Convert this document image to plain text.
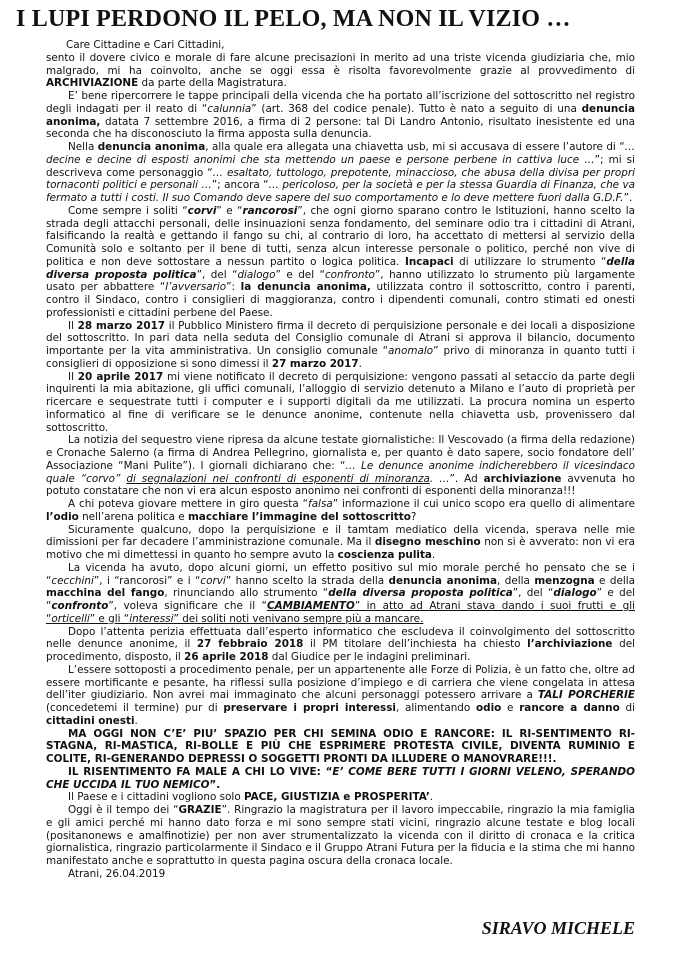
I LUPI PERDONO IL PELO, MA NON IL VIZIO …

Care Cittadine e Cari Cittadini,

sento il dovere civico e morale di fare alcune precisazioni in merito ad una triste vicenda giudiziaria che, mio malgrado, mi ha coinvolto, anche se oggi essa è risolta favorevolmente grazie al provvedimento di ARCHIVIAZIONE da parte della Magistratura.

E’ bene ripercorrere le tappe principali della vicenda che ha portato all’iscrizione del sottoscritto nel registro degli indagati per il reato di “calunnia” (art. 368 del codice penale). Tutto è nato a seguito di una denuncia anonima, datata 7 settembre 2016, a firma di 2 persone: tal Di Landro Antonio, risultato inesistente ed una seconda che ha disconosciuto la firma apposta sulla denuncia.

Nella denuncia anonima, alla quale era allegata una chiavetta usb, mi si accusava di essere l’autore di “… decine e decine di esposti anonimi che sta mettendo un paese e persone perbene in cattiva luce …”; mi si descriveva come personaggio “… esaltato, tuttologo, prepotente, minaccioso, che abusa della divisa per propri tornaconti politici e personali …”; ancora “… pericoloso, per la società e per la stessa Guardia di Finanza, che va fermato a tutti i costi. Il suo Comando deve sapere del suo comportamento e lo deve mettere fuori dalla G.D.F.”.

Come sempre i soliti “corvi” e “rancorosi”, che ogni giorno sparano contro le Istituzioni, hanno scelto la strada degli attacchi personali, delle insinuazioni senza fondamento, del seminare odio tra i cittadini di Atrani, falsificando la realtà e gettando il fango su chi, al contrario di loro, ha accettato di mettersi al servizio della Comunità solo e soltanto per il bene di tutti, senza alcun interesse personale o politico, perché non vive di politica e non deve sottostare a nessun partito o logica politica. Incapaci di utilizzare lo strumento “della diversa proposta politica”, del “dialogo” e del “confronto”, hanno utilizzato lo strumento più largamente usato per abbattere “l’avversario”: la denuncia anonima, utilizzata contro il sottoscritto, contro i parenti, contro il Sindaco, contro i consiglieri di maggioranza, contro i dipendenti comunali, contro stimati ed onesti professionisti e cittadini perbene del Paese.

Il 28 marzo 2017 il Pubblico Ministero firma il decreto di perquisizione personale e dei locali a disposizione del sottoscritto. In pari data nella seduta del Consiglio comunale di Atrani si approva il bilancio, documento importante per la vita amministrativa. Un consiglio comunale “anomalo” privo di minoranza in quanto tutti i consiglieri di opposizione si sono dimessi il 27 marzo 2017.

Il 20 aprile 2017 mi viene notificato il decreto di perquisizione: vengono passati al setaccio da parte degli inquirenti la mia abitazione, gli uffici comunali, l’alloggio di servizio detenuto a Milano e l’auto di proprietà per ricercare e sequestrate tutti i computer e i supporti digitali da me utilizzati. La procura nomina un esperto informatico al fine di verificare se le denunce anonime, contenute nella chiavetta usb, provenissero dal sottoscritto.

La notizia del sequestro viene ripresa da alcune testate giornalistiche: Il Vescovado (a firma della redazione) e Cronache Salerno (a firma di Andrea Pellegrino, giornalista e, per quanto è dato sapere, socio fondatore dell’ Associazione “Mani Pulite”). I giornali dichiarano che: “… Le denunce anonime indicherebbero il vicesindaco quale “corvo” di segnalazioni nei confronti di esponenti di minoranza. …”. Ad archiviazione avvenuta ho potuto constatare che non vi era alcun esposto anonimo nei confronti di esponenti della minoranza!!!

A chi poteva giovare mettere in giro questa “falsa” informazione il cui unico scopo era quello di alimentare l’odio nell’arena politica e macchiare l’immagine del sottoscritto?

Sicuramente qualcuno, dopo la perquisizione e il tamtam mediatico della vicenda, sperava nelle mie dimissioni per far decadere l’amministrazione comunale. Ma il disegno meschino non si è avverato: non vi era motivo che mi dimettessi in quanto ho sempre avuto la coscienza pulita.

La vicenda ha avuto, dopo alcuni giorni, un effetto positivo sul mio morale perché ho pensato che se i “cecchini”, i “rancorosi” e i “corvi” hanno scelto la strada della denuncia anonima, della menzogna e della macchina del fango, rinunciando allo strumento “della diversa proposta politica”, del “dialogo” e del “confronto”, voleva significare che il “CAMBIAMENTO” in atto ad Atrani stava dando i suoi frutti e gli “orticelli” e gli “interessi” dei soliti noti venivano sempre più a mancare.

Dopo l’attenta perizia effettuata dall’esperto informatico che escludeva il coinvolgimento del sottoscritto nelle denunce anonime, il 27 febbraio 2018 il PM titolare dell’inchiesta ha chiesto l’archiviazione del procedimento, disposto, il 26 aprile 2018 dal Giudice per le indagini preliminari.

L’essere sottoposti a procedimento penale, per un appartenente alle Forze di Polizia, è un fatto che, oltre ad essere mortificante e pesante, ha riflessi sulla posizione d’impiego e di carriera che viene congelata in attesa dell’iter giudiziario. Non avrei mai immaginato che alcuni personaggi potessero arrivare a TALI PORCHERIE (concedetemi il termine) pur di preservare i propri interessi, alimentando odio e rancore a danno di cittadini onesti.

MA OGGI NON C’E’ PIU’ SPAZIO PER CHI SEMINA ODIO E RANCORE: IL RI-SENTIMENTO RI-STAGNA, RI-MASTICA, RI-BOLLE E PIÙ CHE ESPRIMERE PROTESTA CIVILE, DIVENTA RUMINIO E COLITE, RI-GENERANDO DEPRESSI O SOGGETTI PRONTI DA ILLUDERE O MANOVRARE!!!.

IL RISENTIMENTO FA MALE A CHI LO VIVE: “E’ COME BERE TUTTI I GIORNI VELENO, SPERANDO CHE UCCIDA IL TUO NEMICO”.

Il Paese e i cittadini vogliono solo PACE, GIUSTIZIA e PROSPERITA’.

Oggi è il tempo dei “GRAZIE”. Ringrazio la magistratura per il lavoro impeccabile, ringrazio la mia famiglia e gli amici perché mi hanno dato forza e mi sono sempre stati vicini, ringrazio alcune testate e blog locali (positanonews e amalfinotizie) per non aver strumentalizzato la vicenda con il diritto di cronaca e la critica giornalistica, ringrazio particolarmente il Sindaco e il Gruppo Atrani Futura per la fiducia e la stima che mi hanno manifestato anche e soprattutto in questa pagina oscura della cronaca locale.

Atrani, 26.04.2019

SIRAVO MICHELE
